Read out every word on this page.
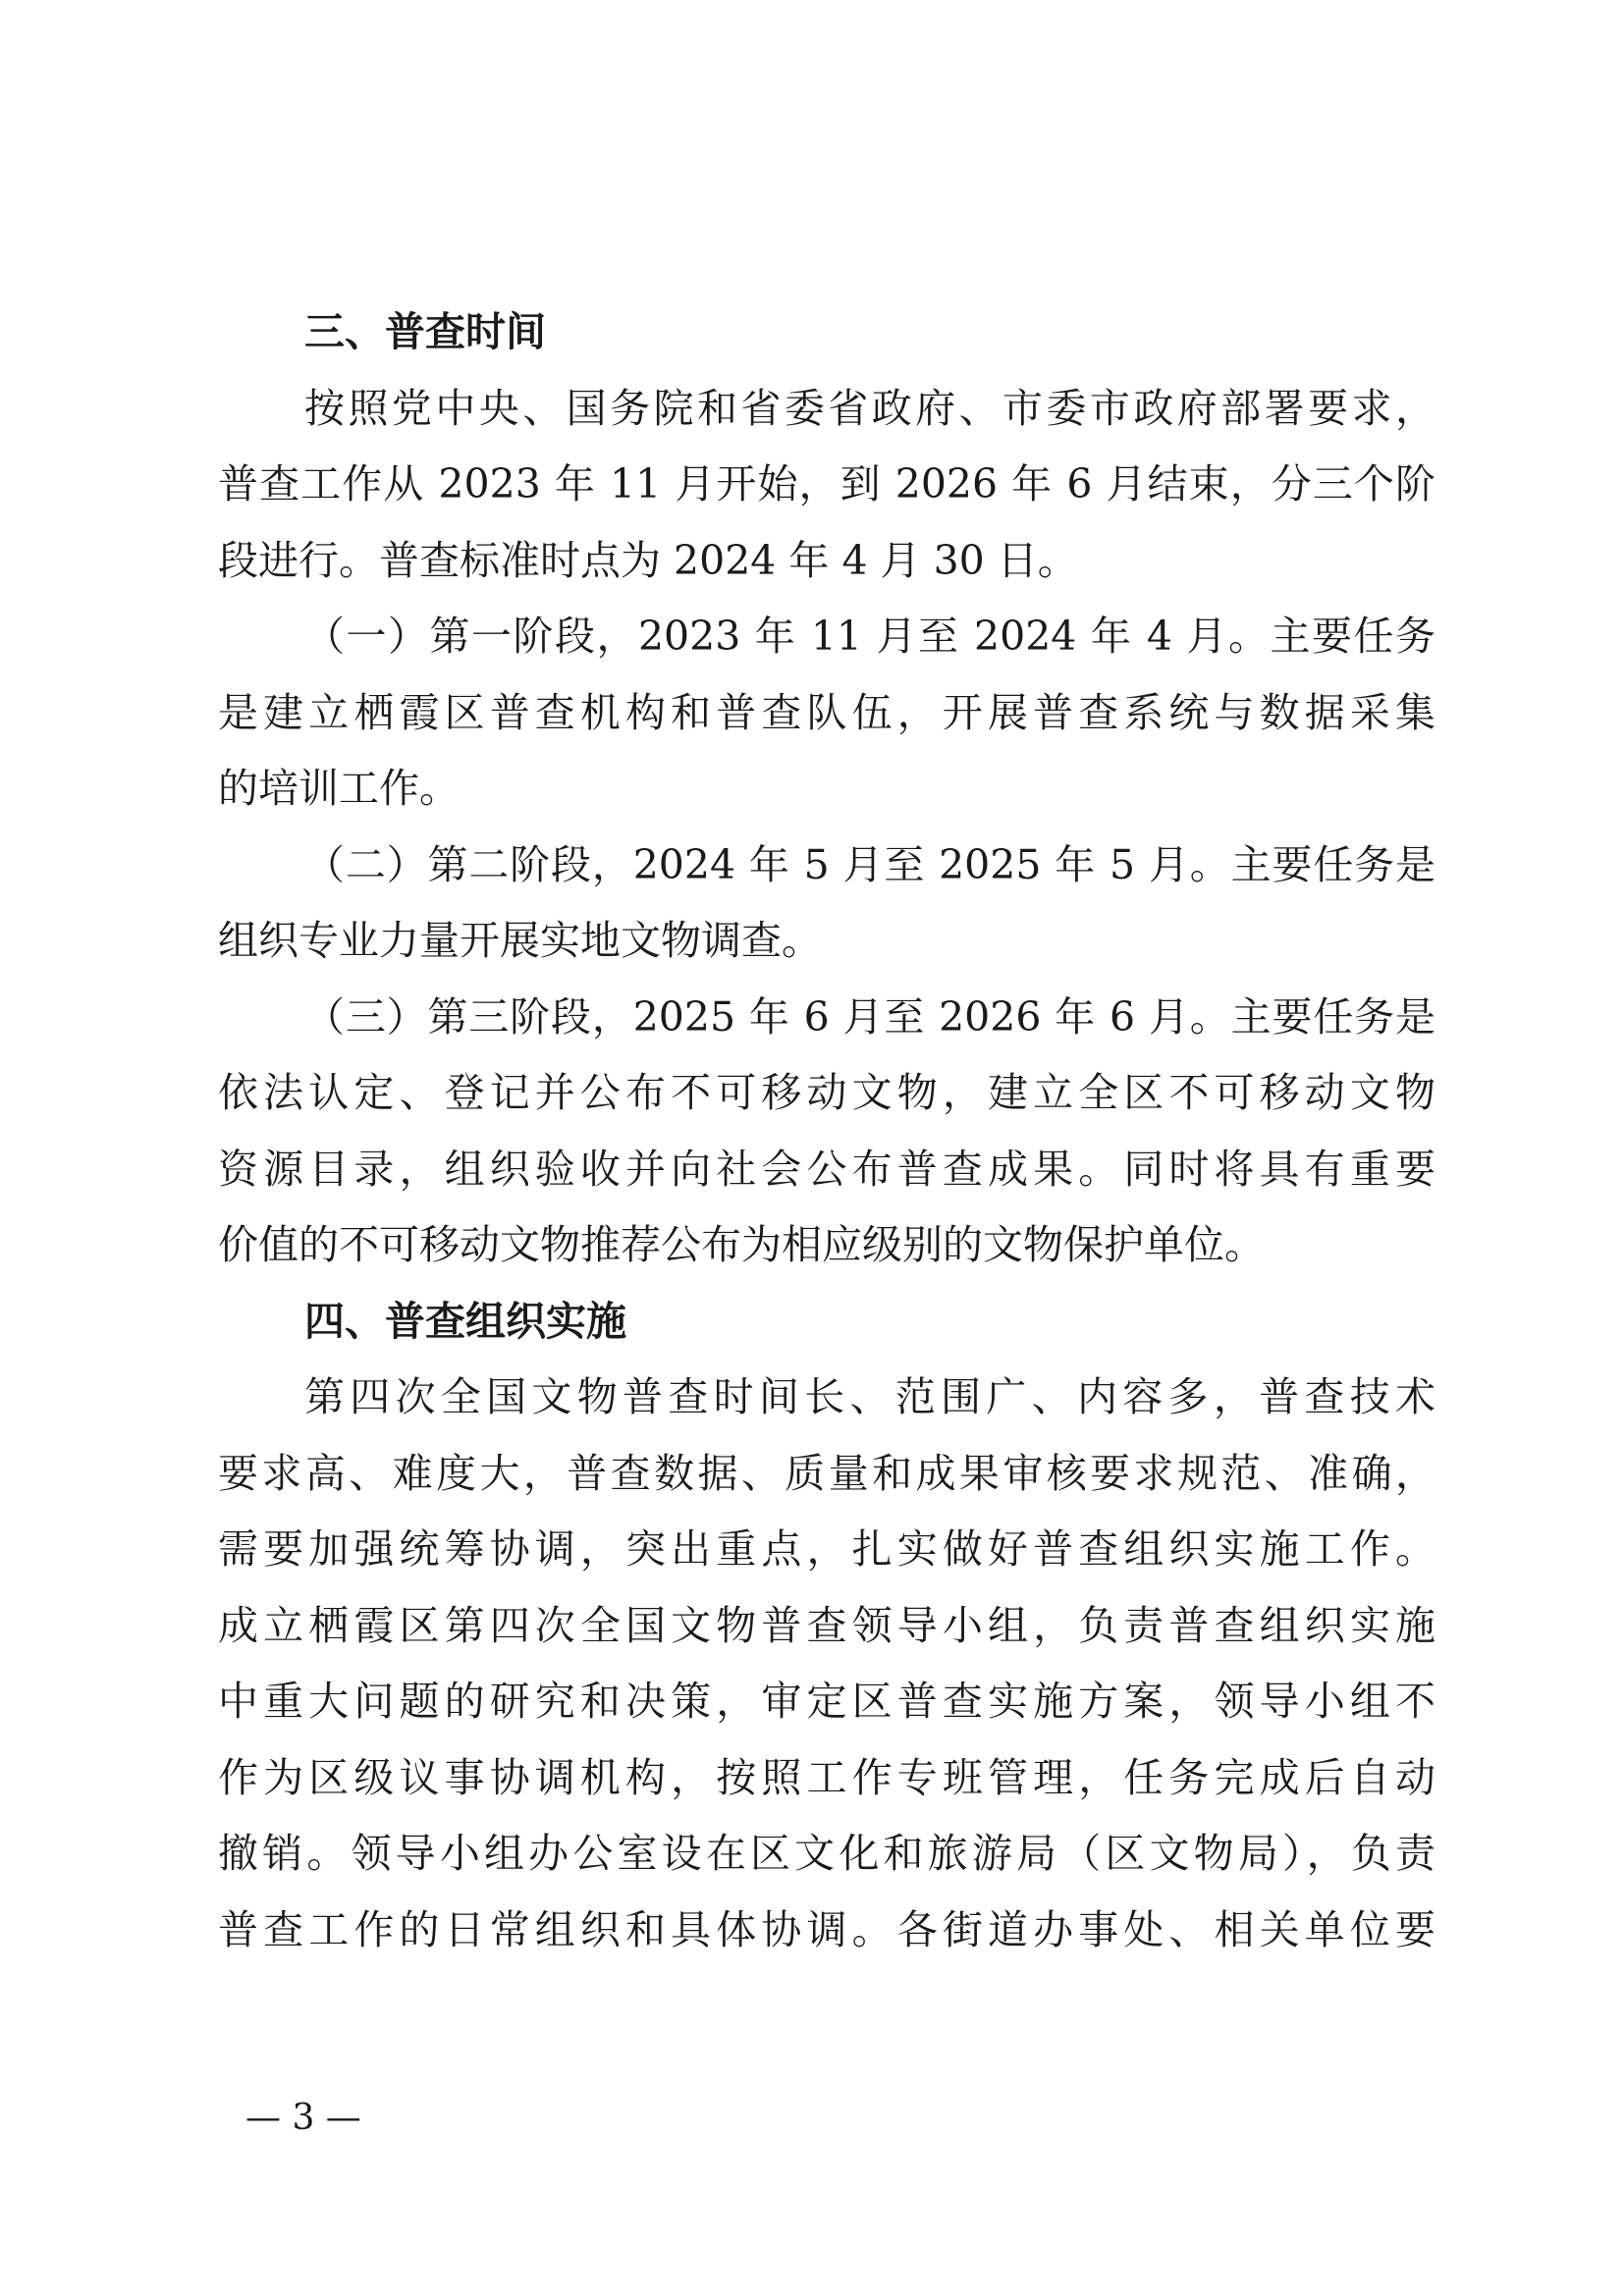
三、普查时间
按照党中央、国务院和省委省政府、市委市政府部署要求，
普查工作从 2023 年 11 月开始，到 2026 年 6 月结束，分三个阶
段进行。普查标准时点为 2024 年 4 月 30 日。
（一）第一阶段，2023 年 11 月至 2024 年 4 月。主要任务
是建立栖霞区普查机构和普查队伍，开展普查系统与数据采集
的培训工作。
（二）第二阶段，2024 年 5 月至 2025 年 5 月。主要任务是
组织专业力量开展实地文物调查。
（三）第三阶段，2025 年 6 月至 2026 年 6 月。主要任务是
依法认定、登记并公布不可移动文物，建立全区不可移动文物
资源目录，组织验收并向社会公布普查成果。同时将具有重要
价值的不可移动文物推荐公布为相应级别的文物保护单位。
四、普查组织实施
第四次全国文物普查时间长、范围广、内容多，普查技术
要求高、难度大，普查数据、质量和成果审核要求规范、准确，
需要加强统筹协调，突出重点，扎实做好普查组织实施工作。
成立栖霞区第四次全国文物普查领导小组，负责普查组织实施
中重大问题的研究和决策，审定区普查实施方案，领导小组不
作为区级议事协调机构，按照工作专班管理，任务完成后自动
撤销。领导小组办公室设在区文化和旅游局（区文物局），负责
普查工作的日常组织和具体协调。各街道办事处、相关单位要
— 3 —
